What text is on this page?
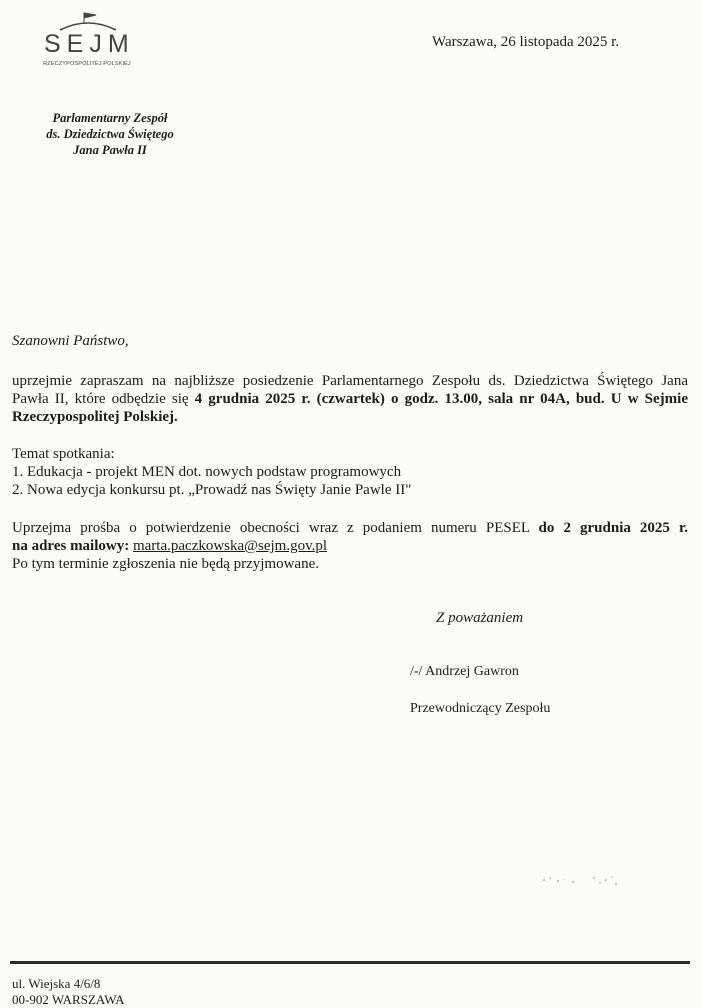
SEJM
RZECZYPOSPOLITEJ POLSKIEJ
Warszawa, 26 listopada 2025 r.
Parlamentarny Zespół
ds. Dziedzictwa Świętego
Jana Pawła II
Szanowni Państwo,
uprzejmie zapraszam na najbliższe posiedzenie Parlamentarnego Zespołu ds. Dziedzictwa Świętego Jana
Pawła II, które odbędzie się 4 grudnia 2025 r. (czwartek) o godz. 13.00, sala nr 04A, bud. U w Sejmie
Rzeczypospolitej Polskiej.
Temat spotkania:
1. Edukacja - projekt MEN dot. nowych podstaw programowych
2. Nowa edycja konkursu pt. „Prowadź nas Święty Janie Pawle II"
Uprzejma prośba o potwierdzenie obecności wraz z podaniem numeru PESEL do 2 grudnia 2025 r.
na adres mailowy: marta.paczkowska@sejm.gov.pl
Po tym terminie zgłoszenia nie będą przyjmowane.
Z poważaniem
/-/ Andrzej Gawron
Przewodniczący Zespołu
ul. Wiejska 4/6/8
00-902 WARSZAWA
